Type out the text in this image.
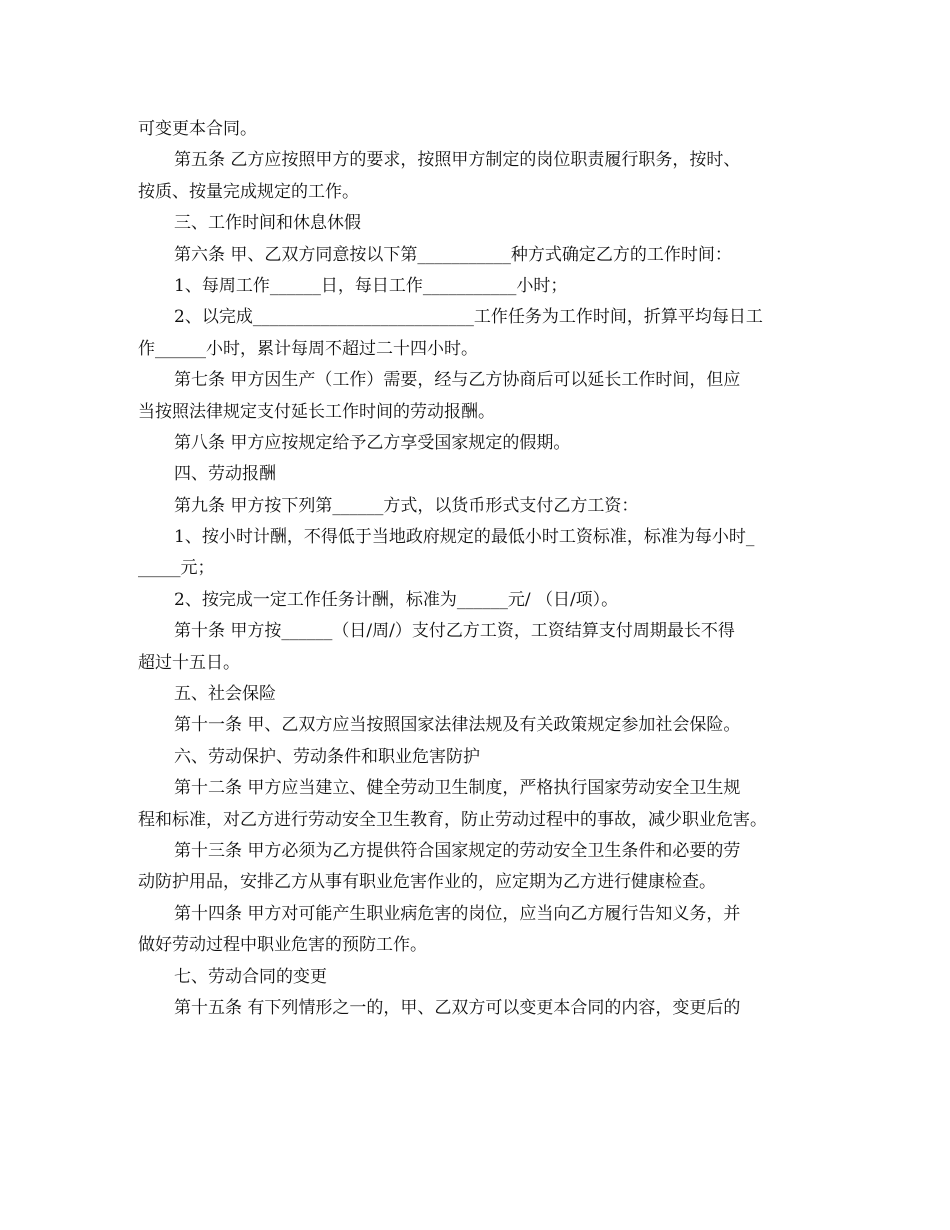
可变更本合同。
第五条 乙方应按照甲方的要求，按照甲方制定的岗位职责履行职务，按时、
按质、按量完成规定的工作。
三、工作时间和休息休假
第六条 甲、乙双方同意按以下第___________种方式确定乙方的工作时间：
1、每周工作______日，每日工作___________小时；
2、以完成__________________________工作任务为工作时间，折算平均每日工
作______小时，累计每周不超过二十四小时。
第七条 甲方因生产（工作）需要，经与乙方协商后可以延长工作时间，但应
当按照法律规定支付延长工作时间的劳动报酬。
第八条 甲方应按规定给予乙方享受国家规定的假期。
四、劳动报酬
第九条 甲方按下列第______方式，以货币形式支付乙方工资：
1、按小时计酬，不得低于当地政府规定的最低小时工资标准，标准为每小时_
_____元；
2、按完成一定工作任务计酬，标准为______元/ （日/项）。
第十条 甲方按______（日/周/）支付乙方工资，工资结算支付周期最长不得
超过十五日。
五、社会保险
第十一条 甲、乙双方应当按照国家法律法规及有关政策规定参加社会保险。
六、劳动保护、劳动条件和职业危害防护
第十二条 甲方应当建立、健全劳动卫生制度，严格执行国家劳动安全卫生规
程和标准，对乙方进行劳动安全卫生教育，防止劳动过程中的事故，减少职业危害。
第十三条 甲方必须为乙方提供符合国家规定的劳动安全卫生条件和必要的劳
动防护用品，安排乙方从事有职业危害作业的，应定期为乙方进行健康检查。
第十四条 甲方对可能产生职业病危害的岗位，应当向乙方履行告知义务，并
做好劳动过程中职业危害的预防工作。
七、劳动合同的变更
第十五条 有下列情形之一的，甲、乙双方可以变更本合同的内容，变更后的
